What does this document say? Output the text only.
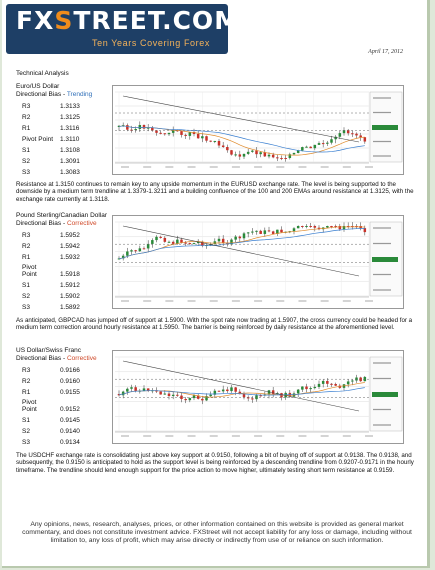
FXSTREET.COM
Ten Years Covering Forex
April 17, 2012
Technical Analysis
Euro/US Dollar
Directional Bias - Trending
R3	1.3133
R2	1.3125
R1	1.3116
Pivot Point 1.3110
S1	1.3108
S2	1.3091
S3	1.3083
Resistance at 1.3150 continues to remain key to any upside momentum in the EURUSD exchange rate. The level is being supported to the downside by a medium term trendline at 1.3379-1.3211 and a building confluence of the 100 and 200 EMAs around resistance at 1.3125, with the exchange rate currently at 1.3118.
Pound Sterling/Canadian Dollar
Directional Bias - Corrective
R3	1.5952
R2	1.5942
R1	1.5932
Pivot Point	1.5918
S1	1.5912
S2	1.5902
S3	1.5892
As anticipated, GBPCAD has jumped off of support at 1.5900. With the spot rate now trading at 1.5907, the cross currency could be headed for a medium term correction around hourly resistance at 1.5950. The barrier is being reinforced by daily resistance at the aforementioned level.
US Dollar/Swiss Franc
Directional Bias - Corrective
R3	0.9166
R2	0.9160
R1	0.9155
Pivot Point	0.9152
S1	0.9145
S2	0.9140
S3	0.9134
The USDCHF exchange rate is consolidating just above key support at 0.9150, following a bit of buying off of support at 0.9138. The 0.9138, and subsequently, the 0.9150 is anticipated to hold as the support level is being reinforced by a descending trendline from 0.9207-0.9171 in the hourly timeframe. The trendline should lend enough support for the price action to move higher, ultimately testing short term resistance at 0.9159.
Any opinions, news, research, analyses, prices, or other information contained on this website is provided as general market commentary, and does not constitute investment advice. FXStreet will not accept liability for any loss or damage, including without limitation to, any loss of profit, which may arise directly or indirectly from use of or reliance on such information.
